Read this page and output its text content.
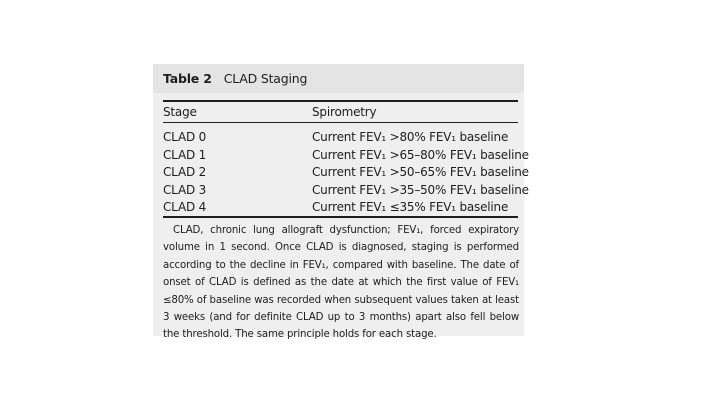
Table 2 CLAD Staging
Stage	Spirometry
CLAD 0	Current FEV₁ >80% FEV₁ baseline
CLAD 1	Current FEV₁ >65–80% FEV₁ baseline
CLAD 2	Current FEV₁ >50–65% FEV₁ baseline
CLAD 3	Current FEV₁ >35–50% FEV₁ baseline
CLAD 4	Current FEV₁ ≤35% FEV₁ baseline
CLAD, chronic lung allograft dysfunction; FEV₁, forced expiratory volume in 1 second. Once CLAD is diagnosed, staging is performed according to the decline in FEV₁, compared with baseline. The date of onset of CLAD is defined as the date at which the first value of FEV₁ ≤80% of baseline was recorded when subsequent values taken at least 3 weeks (and for definite CLAD up to 3 months) apart also fell below the threshold. The same principle holds for each stage.
